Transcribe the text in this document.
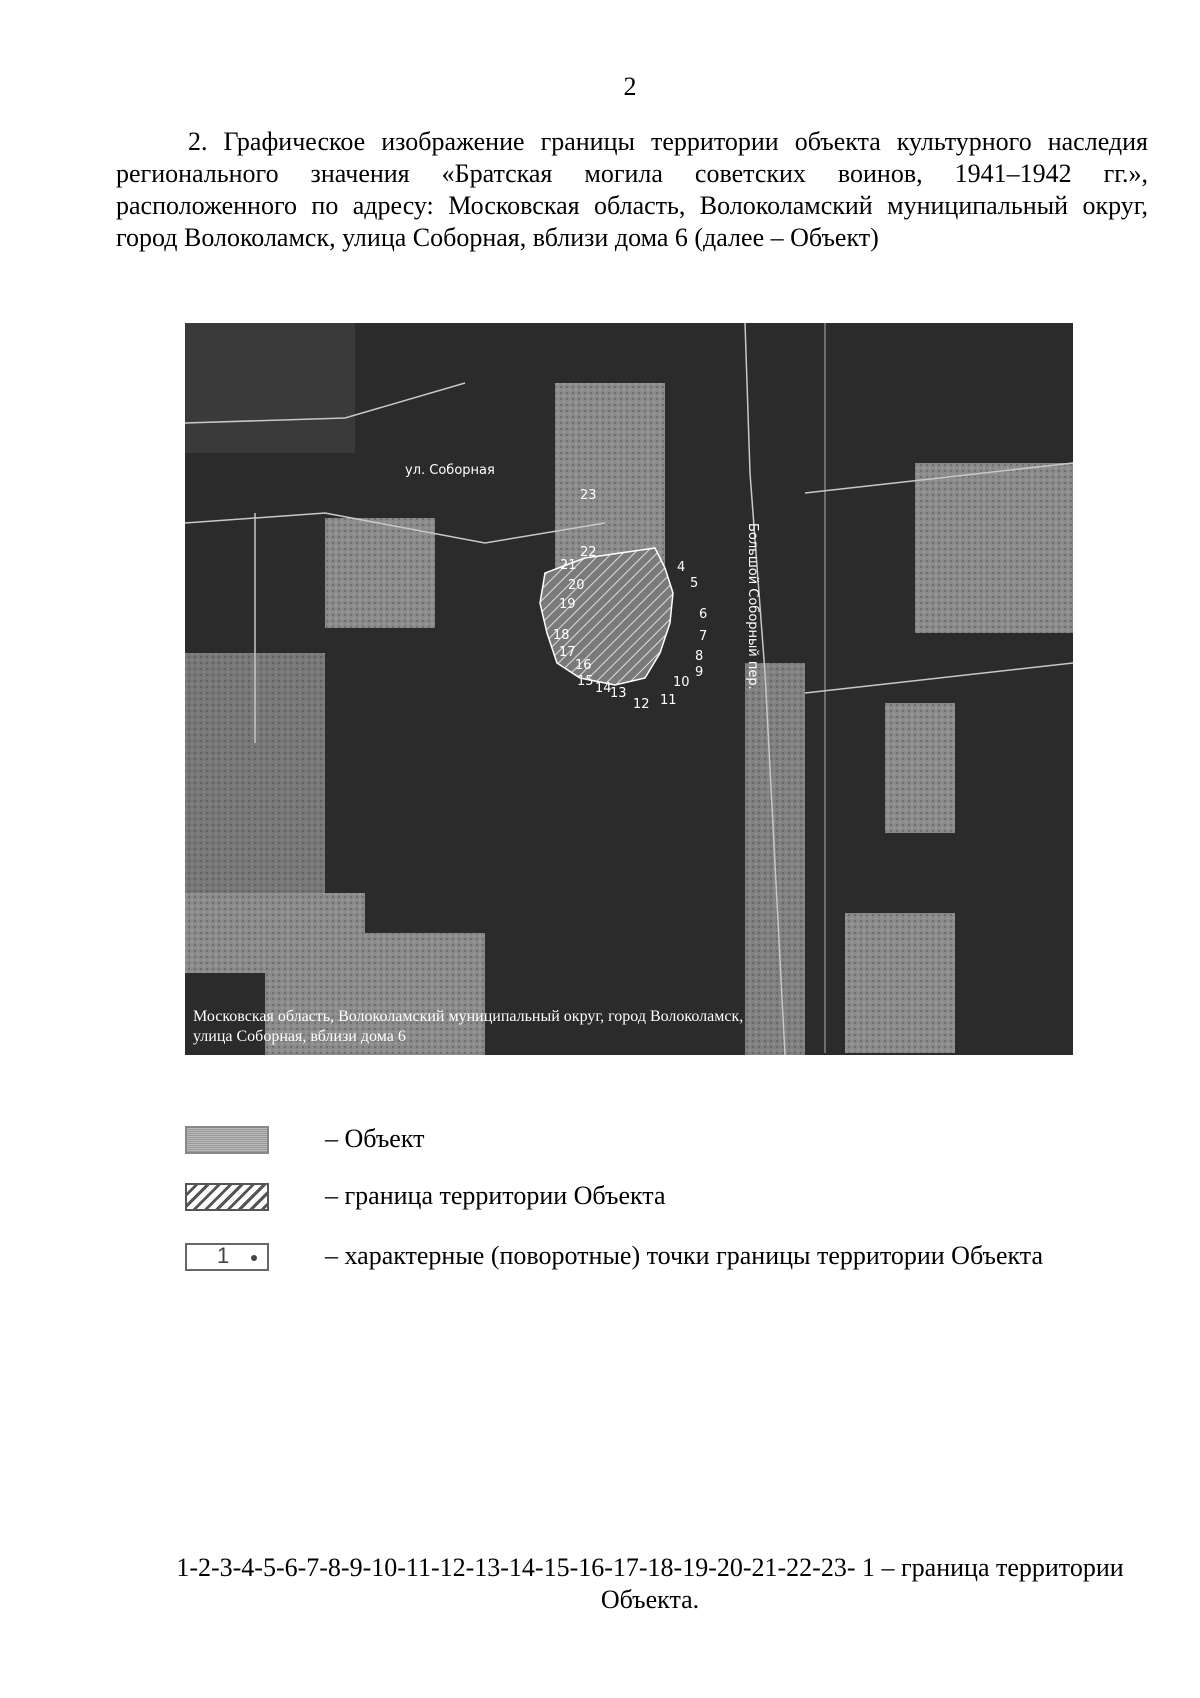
2

2. Графическое изображение границы территории объекта культурного наследия регионального значения «Братская могила советских воинов, 1941–1942 гг.», расположенного по адресу: Московская область, Волоколамский муниципальный округ, город Волоколамск, улица Соборная, вблизи дома 6 (далее – Объект)

ул. Соборная
Большой Соборный пер.
23
22
21
20
19
18
17
16
15 14
13
12 11
10
9
8
7
6
5
4
Московская область, Волоколамский муниципальный округ, город Волоколамск,
улица Соборная, вблизи дома 6
– Объект
– граница территории Объекта
1	– характерные (поворотные) точки границы территории Объекта
1-2-3-4-5-6-7-8-9-10-11-12-13-14-15-16-17-18-19-20-21-22-23- 1 – граница территории Объекта.
